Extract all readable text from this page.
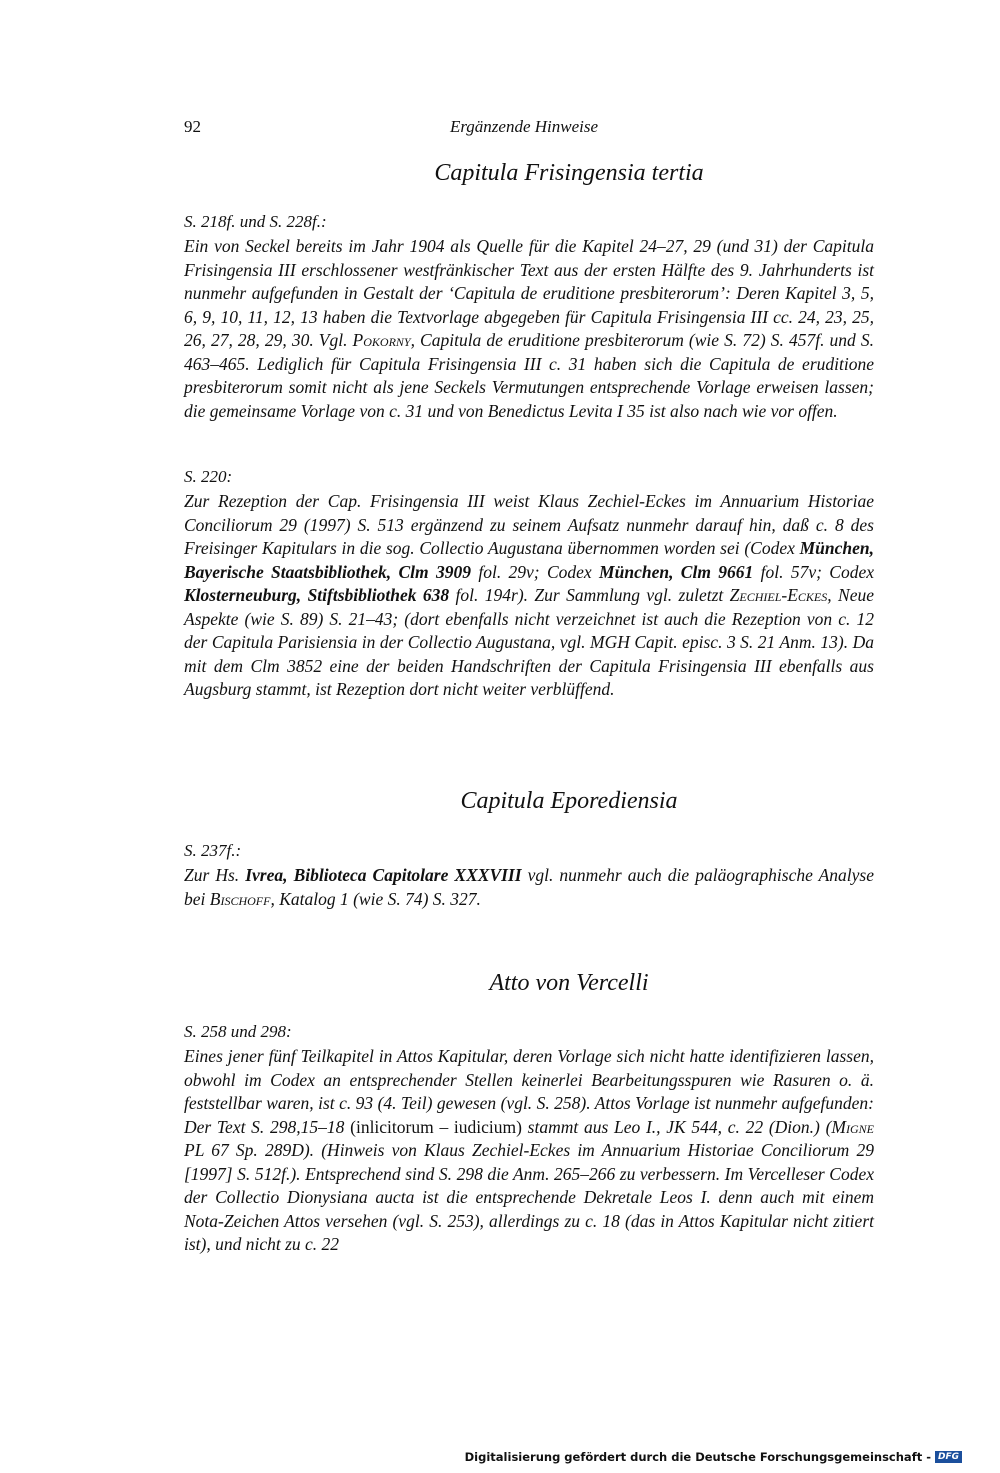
92	Ergänzende Hinweise
Capitula Frisingensia tertia
S. 218f. und S. 228f.:

Ein von Seckel bereits im Jahr 1904 als Quelle für die Kapitel 24–27, 29 (und 31) der Capitula Frisingensia III erschlossener westfränkischer Text aus der ersten Hälfte des 9. Jahrhunderts ist nunmehr aufgefunden in Gestalt der ‘Capitula de eruditione presbiterorum’: Deren Kapitel 3, 5, 6, 9, 10, 11, 12, 13 haben die Textvorlage abgegeben für Capitula Frisingensia III cc. 24, 23, 25, 26, 27, 28, 29, 30. Vgl. Pokorny, Capitula de eruditione presbiterorum (wie S. 72) S. 457f. und S. 463–465. Lediglich für Capitula Frisingensia III c. 31 haben sich die Capitula de eruditione presbiterorum somit nicht als jene Seckels Vermutungen entsprechende Vorlage erweisen lassen; die gemeinsame Vorlage von c. 31 und von Benedictus Levita I 35 ist also nach wie vor offen.

S. 220:

Zur Rezeption der Cap. Frisingensia III weist Klaus Zechiel-Eckes im Annuarium Historiae Conciliorum 29 (1997) S. 513 ergänzend zu seinem Aufsatz nunmehr darauf hin, daß c. 8 des Freisinger Kapitulars in die sog. Collectio Augustana übernommen worden sei (Codex München, Bayerische Staatsbibliothek, Clm 3909 fol. 29v; Codex München, Clm 9661 fol. 57v; Codex Klosterneuburg, Stiftsbibliothek 638 fol. 194r). Zur Sammlung vgl. zuletzt Zechiel-Eckes, Neue Aspekte (wie S. 89) S. 21–43; (dort ebenfalls nicht verzeichnet ist auch die Rezeption von c. 12 der Capitula Parisiensia in der Collectio Augustana, vgl. MGH Capit. episc. 3 S. 21 Anm. 13). Da mit dem Clm 3852 eine der beiden Handschriften der Capitula Frisingensia III ebenfalls aus Augsburg stammt, ist Rezeption dort nicht weiter verblüffend.

Capitula Eporediensia
S. 237f.:

Zur Hs. Ivrea, Biblioteca Capitolare XXXVIII vgl. nunmehr auch die paläographische Analyse bei Bischoff, Katalog 1 (wie S. 74) S. 327.

Atto von Vercelli
S. 258 und 298:

Eines jener fünf Teilkapitel in Attos Kapitular, deren Vorlage sich nicht hatte identifizieren lassen, obwohl im Codex an entsprechender Stellen keinerlei Bearbeitungsspuren wie Rasuren o. ä. feststellbar waren, ist c. 93 (4. Teil) gewesen (vgl. S. 258). Attos Vorlage ist nunmehr aufgefunden: Der Text S. 298,15–18 (inlicitorum – iudicium) stammt aus Leo I., JK 544, c. 22 (Dion.) (Migne PL 67 Sp. 289D). (Hinweis von Klaus Zechiel-Eckes im Annuarium Historiae Conciliorum 29 [1997] S. 512f.). Entsprechend sind S. 298 die Anm. 265–266 zu verbessern. Im Vercelleser Codex der Collectio Dionysiana aucta ist die entsprechende Dekretale Leos I. denn auch mit einem Nota-Zeichen Attos versehen (vgl. S. 253), allerdings zu c. 18 (das in Attos Kapitular nicht zitiert ist), und nicht zu c. 22

Digitalisierung gefördert durch die Deutsche Forschungsgemeinschaft - DFG
